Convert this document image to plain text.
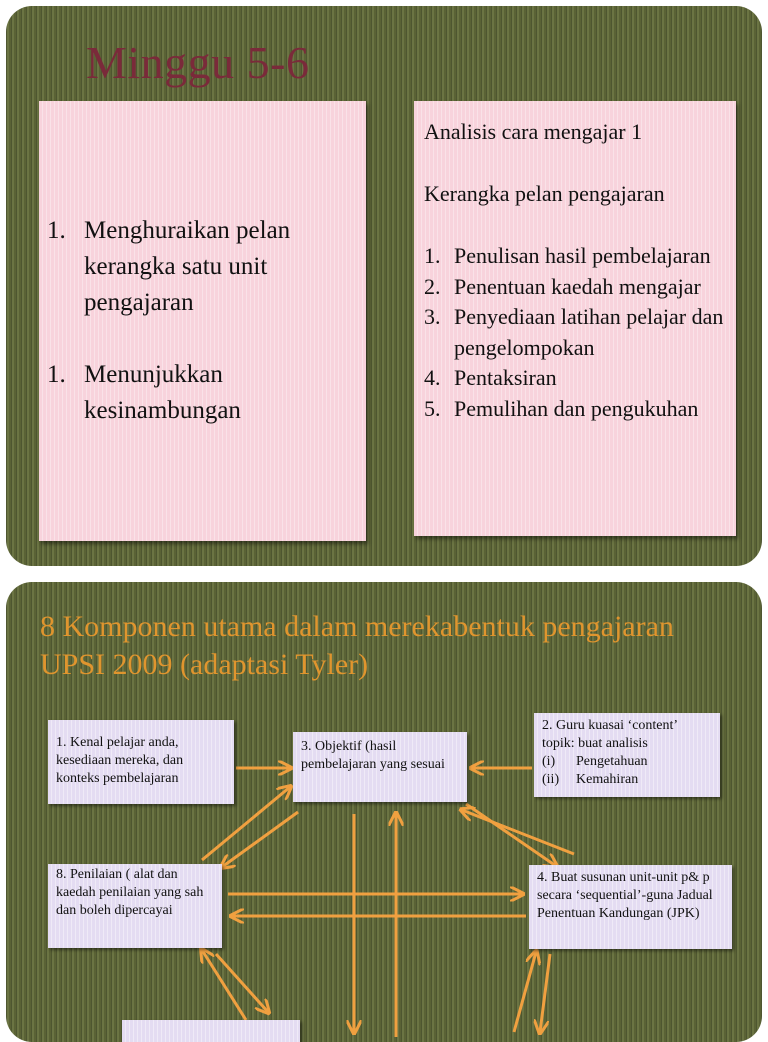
Minggu 5-6
1. Menghuraikan pelan kerangka satu unit pengajaran
1. Menunjukkan kesinambungan
Analisis cara mengajar 1
Kerangka pelan pengajaran
1. Penulisan hasil pembelajaran
2. Penentuan kaedah mengajar
3. Penyediaan latihan pelajar dan pengelompokan
4. Pentaksiran
5. Pemulihan dan pengukuhan
8 Komponen utama dalam merekabentuk pengajaran UPSI 2009 (adaptasi Tyler)
1. Kenal pelajar anda, kesediaan mereka, dan konteks pembelajaran
2. Guru kuasai ‘content’ topik: buat analisis
(i) Pengetahuan
(ii) Kemahiran
3. Objektif (hasil pembelajaran yang sesuai
4. Buat susunan unit-unit p& p secara ‘sequential’-guna Jadual Penentuan Kandungan (JPK)
8. Penilaian ( alat dan kaedah penilaian yang sah dan boleh dipercayai
